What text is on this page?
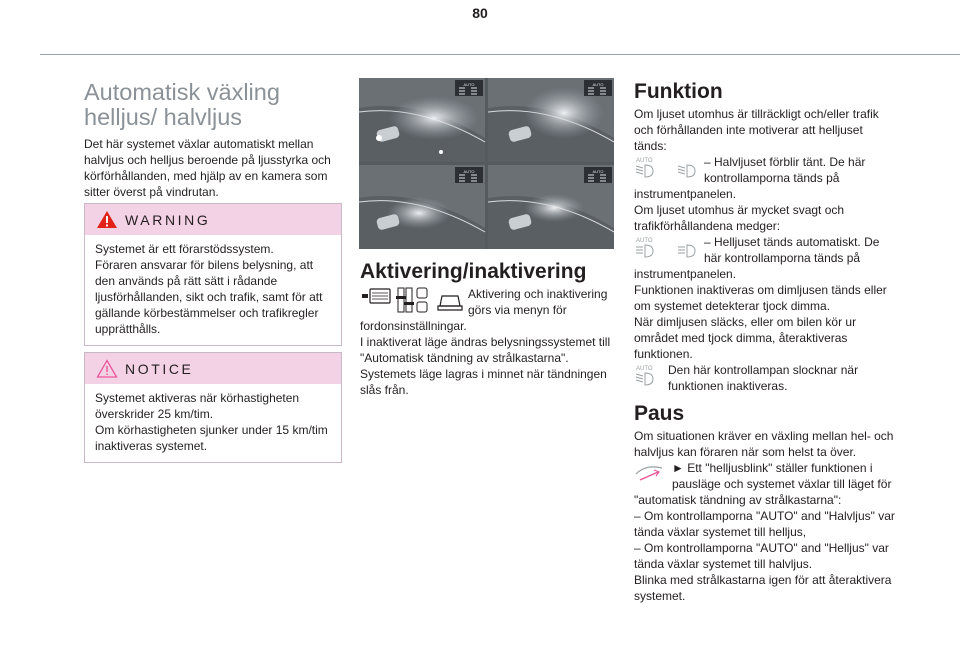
80
Automatisk växling helljus/ halvljus

Det här systemet växlar automatiskt mellan halvljus och helljus beroende på ljusstyrka och körförhållanden, med hjälp av en kamera som sitter överst på vindrutan.

WARNING
Systemet är ett förarstödssystem.
Föraren ansvarar för bilens belysning, att den används på rätt sätt i rådande ljusförhållanden, sikt och trafik, samt för att gällande körbestämmelser och trafikregler upprätthålls.
NOTICE
Systemet aktiveras när körhastigheten överskrider 25 km/tim.
Om körhastigheten sjunker under 15 km/tim inaktiveras systemet.
AUTO	AUTO
AUTO	AUTO
Aktivering/inaktivering
Aktivering och inaktivering görs via menyn för
fordonsinställningar.
I inaktiverat läge ändras belysningssystemet till "Automatisk tändning av strålkastarna".
Systemets läge lagras i minnet när tändningen slås från.
Funktion
Om ljuset utomhus är tillräckligt och/eller trafik och förhållanden inte motiverar att helljuset tänds:
AUTO	– Halvljuset förblir tänt. De här kontrollamporna tänds på
instrumentpanelen.
Om ljuset utomhus är mycket svagt och trafikförhållandena medger:
AUTO	– Helljuset tänds automatiskt. De här kontrollamporna tänds på
instrumentpanelen.
Funktionen inaktiveras om dimljusen tänds eller om systemet detekterar tjock dimma.
När dimljusen släcks, eller om bilen kör ur området med tjock dimma, återaktiveras funktionen.
AUTO Den här kontrollampan slocknar när funktionen inaktiveras.
Paus
Om situationen kräver en växling mellan hel- och halvljus kan föraren när som helst ta över.
► Ett "helljusblink" ställer funktionen i pausläge och systemet växlar till läget för
"automatisk tändning av strålkastarna":
– Om kontrollamporna "AUTO" and "Halvljus" var tända växlar systemet till helljus,
– Om kontrollamporna "AUTO" and "Helljus" var tända växlar systemet till halvljus.
Blinka med strålkastarna igen för att återaktivera systemet.
